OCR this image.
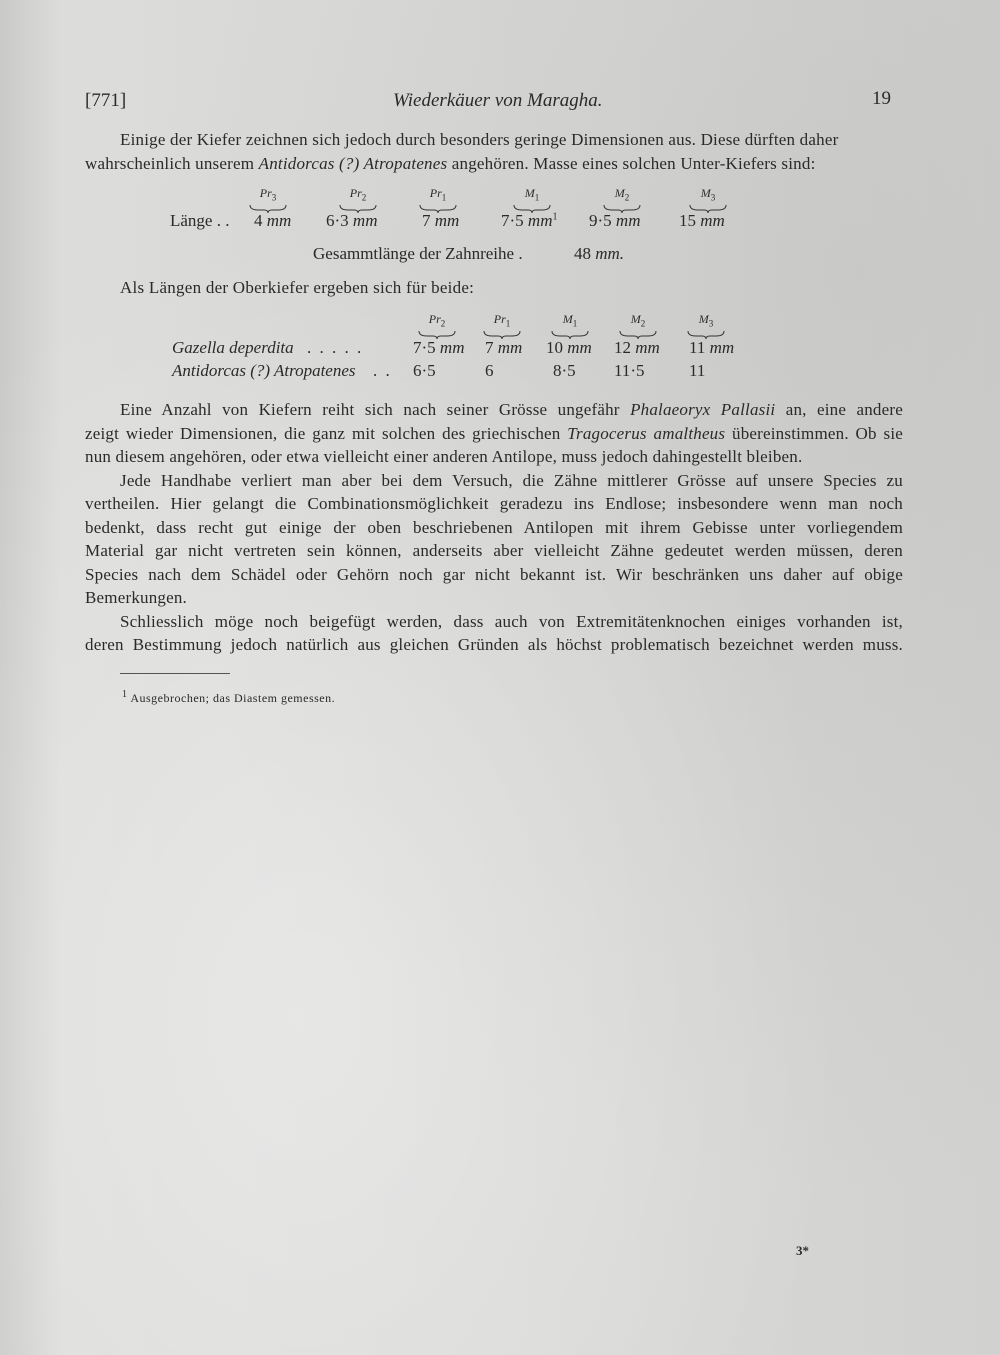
[771]	Wiederkäuer von Maragha.	19
Einige der Kiefer zeichnen sich jedoch durch besonders geringe Dimensionen aus. Diese dürften daher
wahrscheinlich unserem Antidorcas (?) Atropatenes angehören. Masse eines solchen Unter-Kiefers sind:
$Pr_3$	$Pr_2$	$Pr_1$	$M_1$	$M_2$	$M_3$
Länge . . 4 mm 6·3 mm	7 mm 7·5 mm$^1$ 9·5 mm 15 mm
Gesammtlänge der Zahnreihe .	48 mm.
Als Längen der Oberkiefer ergeben sich für beide:
$Pr_2$	$Pr_1$	$M_1$	$M_2$	$M_3$
Gazella deperdita . . . . .	7·5 mm 7 mm 10 mm 12 mm 11 mm
Antidorcas (?) Atropatenes . . 6·5	6	8·5 11·5	11
Eine Anzahl von Kiefern reiht sich nach seiner Grösse ungefähr Phalaeoryx Pallasii an, eine andere
zeigt wieder Dimensionen, die ganz mit solchen des griechischen Tragocerus amaltheus übereinstimmen. Ob sie
nun diesem angehören, oder etwa vielleicht einer anderen Antilope, muss jedoch dahingestellt bleiben.
Jede Handhabe verliert man aber bei dem Versuch, die Zähne mittlerer Grösse auf unsere Species zu
vertheilen. Hier gelangt die Combinationsmöglichkeit geradezu ins Endlose; insbesondere wenn man noch
bedenkt, dass recht gut einige der oben beschriebenen Antilopen mit ihrem Gebisse unter vorliegendem
Material gar nicht vertreten sein können, anderseits aber vielleicht Zähne gedeutet werden müssen, deren
Species nach dem Schädel oder Gehörn noch gar nicht bekannt ist. Wir beschränken uns daher auf obige
Bemerkungen.
Schliesslich möge noch beigefügt werden, dass auch von Extremitätenknochen einiges vorhanden ist,
deren Bestimmung jedoch natürlich aus gleichen Gründen als höchst problematisch bezeichnet werden muss.
$^1$ Ausgebrochen; das Diastem gemessen.
3*
